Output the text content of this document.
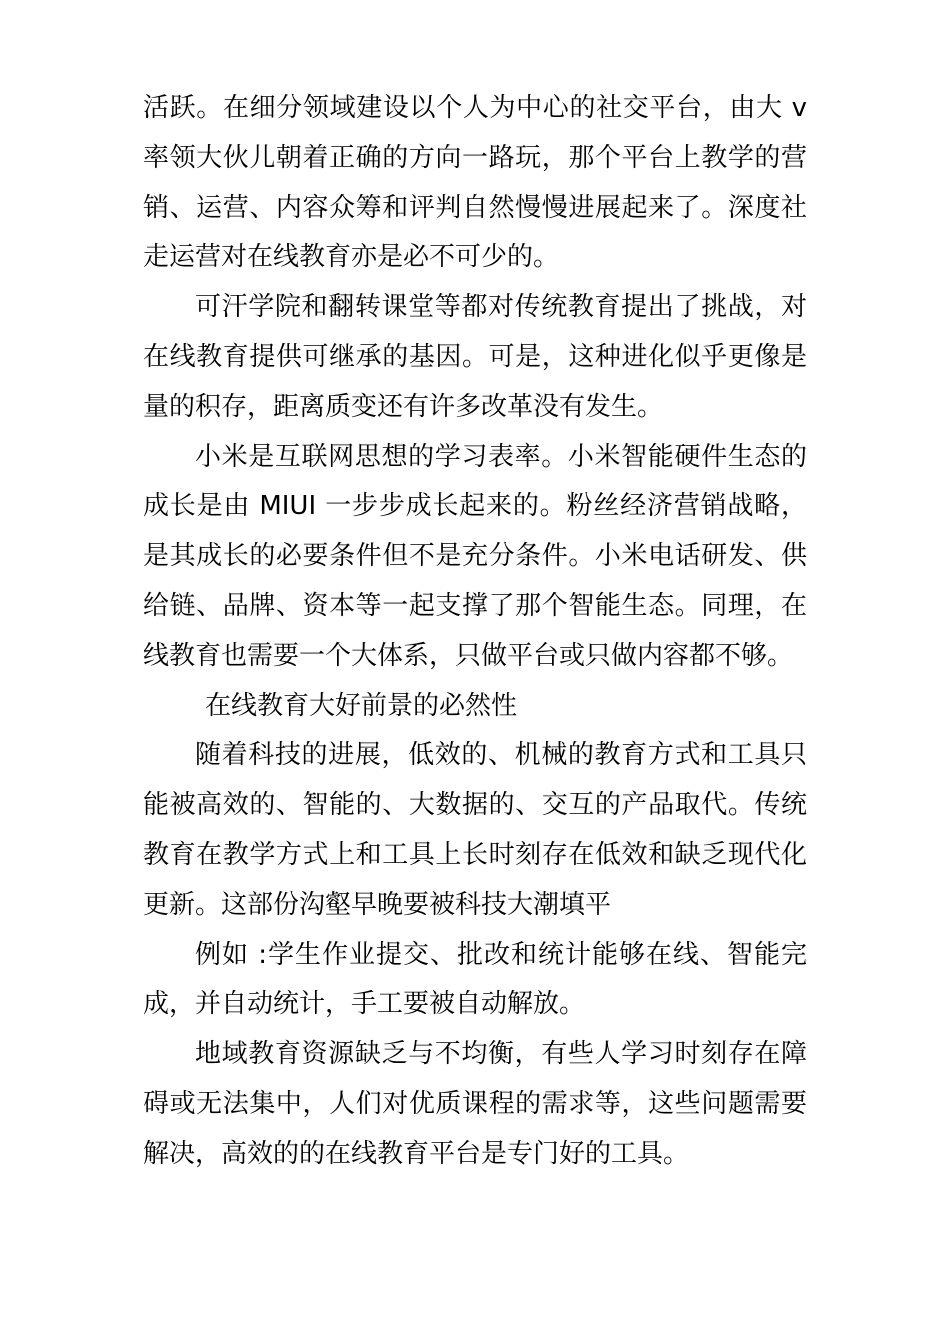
活跃。在细分领域建设以个人为中心的社交平台，由大 v 率领大伙儿朝着正确的方向一路玩，那个平台上教学的营销、运营、内容众筹和评判自然慢慢进展起来了。深度社走运营对在线教育亦是必不可少的。

可汗学院和翻转课堂等都对传统教育提出了挑战，对在线教育提供可继承的基因。可是，这种进化似乎更像是量的积存，距离质变还有许多改革没有发生。

小米是互联网思想的学习表率。小米智能硬件生态的成长是由 MIUI 一步步成长起来的。粉丝经济营销战略，是其成长的必要条件但不是充分条件。小米电话研发、供给链、品牌、资本等一起支撑了那个智能生态。同理，在线教育也需要一个大体系，只做平台或只做内容都不够。

在线教育大好前景的必然性

随着科技的进展，低效的、机械的教育方式和工具只能被高效的、智能的、大数据的、交互的产品取代。传统教育在教学方式上和工具上长时刻存在低效和缺乏现代化更新。这部份沟壑早晚要被科技大潮填平

例如 :学生作业提交、批改和统计能够在线、智能完成，并自动统计，手工要被自动解放。

地域教育资源缺乏与不均衡，有些人学习时刻存在障碍或无法集中，人们对优质课程的需求等，这些问题需要解决，高效的的在线教育平台是专门好的工具。
